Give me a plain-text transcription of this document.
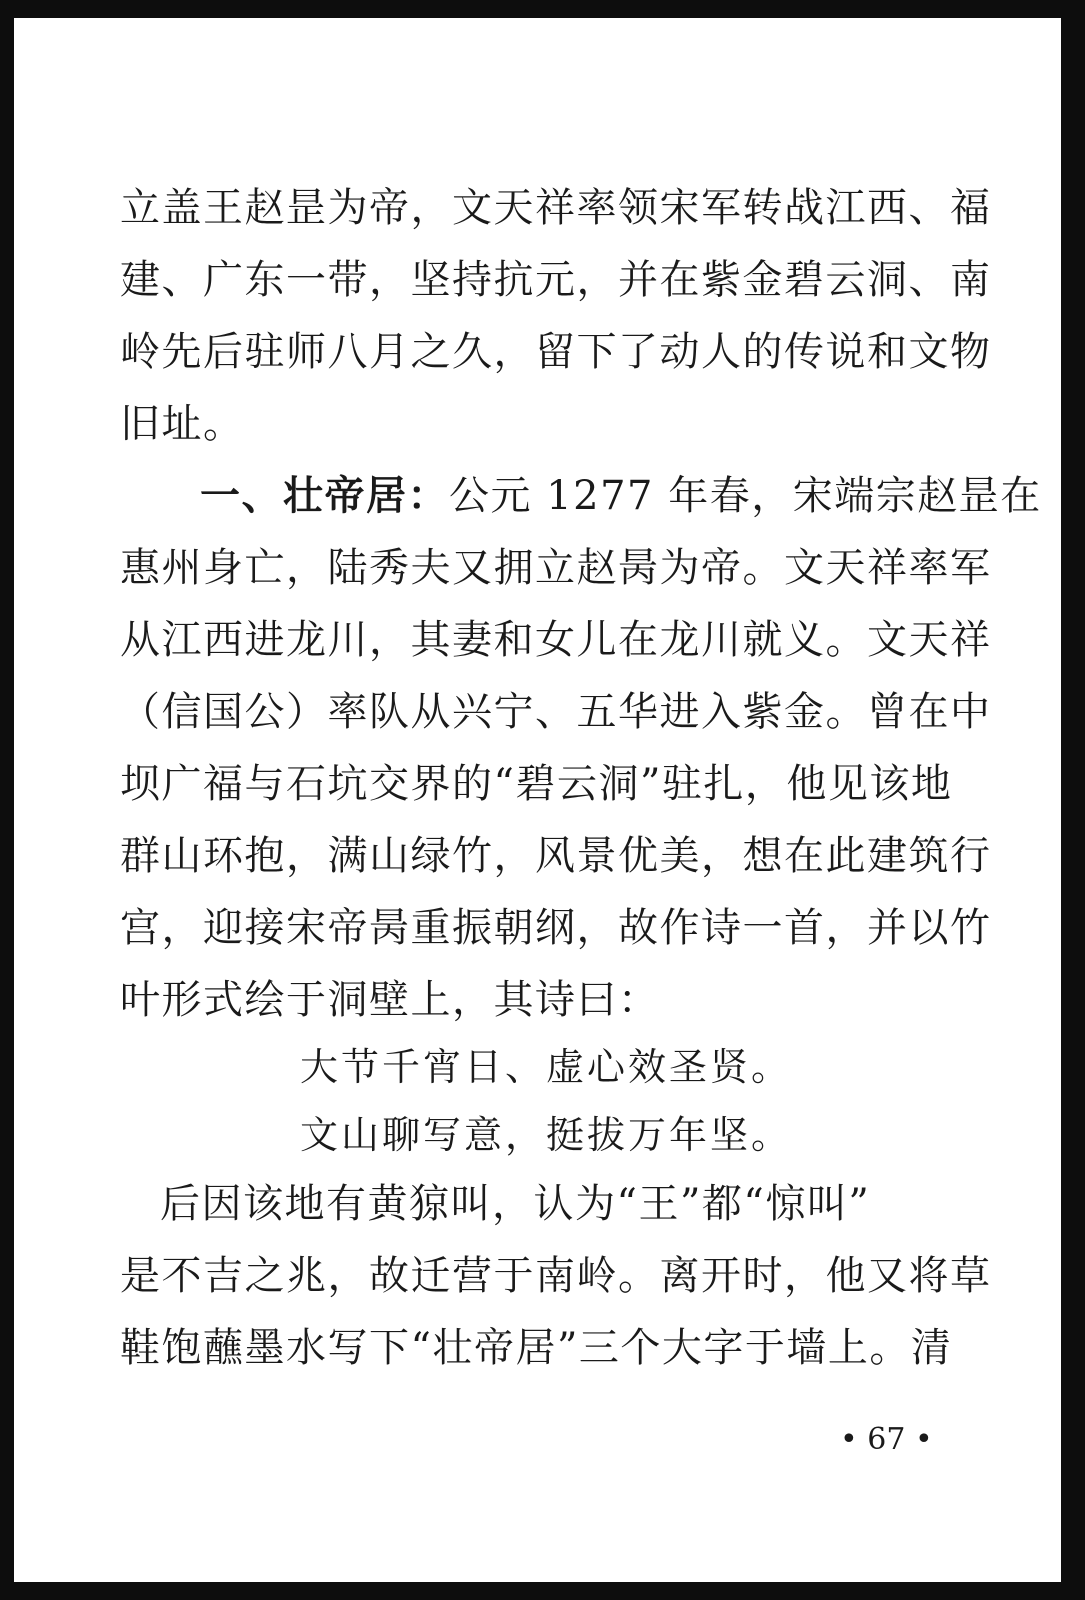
立盖王赵昰为帝，文天祥率领宋军转战江西、福
建、广东一带，坚持抗元，并在紫金碧云洞、南
岭先后驻师八月之久，留下了动人的传说和文物
旧址。
一、壮帝居：公元 1277 年春，宋端宗赵昰在
惠州身亡，陆秀夫又拥立赵昺为帝。文天祥率军
从江西进龙川，其妻和女儿在龙川就义。文天祥
（信国公）率队从兴宁、五华进入紫金。曾在中
坝广福与石坑交界的“碧云洞”驻扎，他见该地
群山环抱，满山绿竹，风景优美，想在此建筑行
宫，迎接宋帝昺重振朝纲，故作诗一首，并以竹
叶形式绘于洞壁上，其诗曰：
大节千宵日、虚心效圣贤。
文山聊写意，挺拔万年坚。
后因该地有黄猄叫，认为“王”都“惊叫”
是不吉之兆，故迁营于南岭。离开时，他又将草
鞋饱蘸墨水写下“壮帝居”三个大字于墙上。清
• 67 •
